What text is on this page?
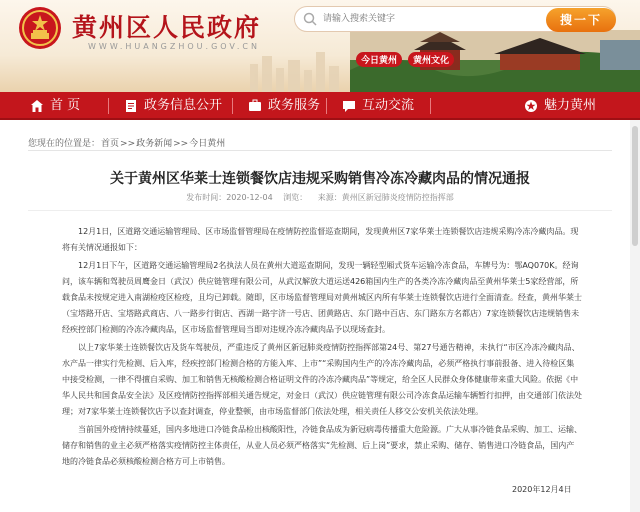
黄州区人民政府
WWW.HUANGZHOU.GOV.CN
今日黄州	黄州文化
请输入搜索关键字
搜一下
首 页	政务信息公开	政务服务	互动交流	魅力黄州
您现在的位置是：首页>>政务新闻>>今日黄州
关于黄州区华莱士连锁餐饮店违规采购销售冷冻冷藏肉品的情况通报
发布时间：2020-12-04 浏览： 来源：黄州区新冠肺炎疫情防控指挥部

12月1日，区道路交通运输管理局、区市场监督管理局在疫情防控监督巡查期间，发现黄州区7家华莱士连锁餐饮店违规采购冷冻冷藏肉品。现将有关情况通报如下：

12月1日下午，区道路交通运输管理局2名执法人员在黄州大道巡查期间，发现一辆轻型厢式货车运输冷冻食品，车牌号为：鄂AQ070K。经询问，该车辆和驾驶员周鹰金日（武汉）供应链管理有限公司，从武汉解放大道运送426箱国内生产的各类冷冻冷藏肉品至黄州华莱士5家经营部，所载食品未按规定进入南湖检疫区检疫，且均已卸载。随即，区市场监督管理局对黄州城区内所有华莱士连锁餐饮店进行全面清查。经查，黄州华莱士（宝塔路开店、宝塔路武商店、八一路步行街店、西湖一路宇济一号店、团黄路店、东门路中百店、东门路东方名都店）7家连锁餐饮店违规销售未经疾控部门检测的冷冻冷藏肉品，区市场监督管理局当即对违规冷冻冷藏肉品予以现场查封。

以上7家华莱士连锁餐饮店及货车驾驶员，严重违反了黄州区新冠肺炎疫情防控指挥部第24号、第27号通告精神，未执行“市区冷冻冷藏肉品、水产品一律实行先检测、后入库，经疾控部门检测合格的方能入库、上市”“采购国内生产的冷冻冷藏肉品，必须严格执行事前报备、进入待检区集中接受检测，一律不得擅自采购、加工和销售无核酸检测合格证明文件的冷冻冷藏肉品”等规定，给全区人民群众身体健康带来重大风险。依据《中华人民共和国食品安全法》及区疫情防控指挥部相关通告规定，对金日（武汉）供应链管理有限公司冷冻食品运输车辆暂行扣押，由交通部门依法处理；对7家华莱士连锁餐饮店予以查封调查，停业整顿，由市场监督部门依法处理，相关责任人移交公安机关依法处理。

当前国外疫情持续蔓延，国内多地进口冷链食品检出核酸阳性，冷链食品成为新冠病毒传播重大危险源。广大从事冷链食品采购、加工、运输、储存和销售的业主必须严格落实疫情防控主体责任，从业人员必须严格落实“先检测、后上岗”要求，禁止采购、储存、销售进口冷链食品，国内产地的冷链食品必须核酸检测合格方可上市销售。

2020年12月4日
